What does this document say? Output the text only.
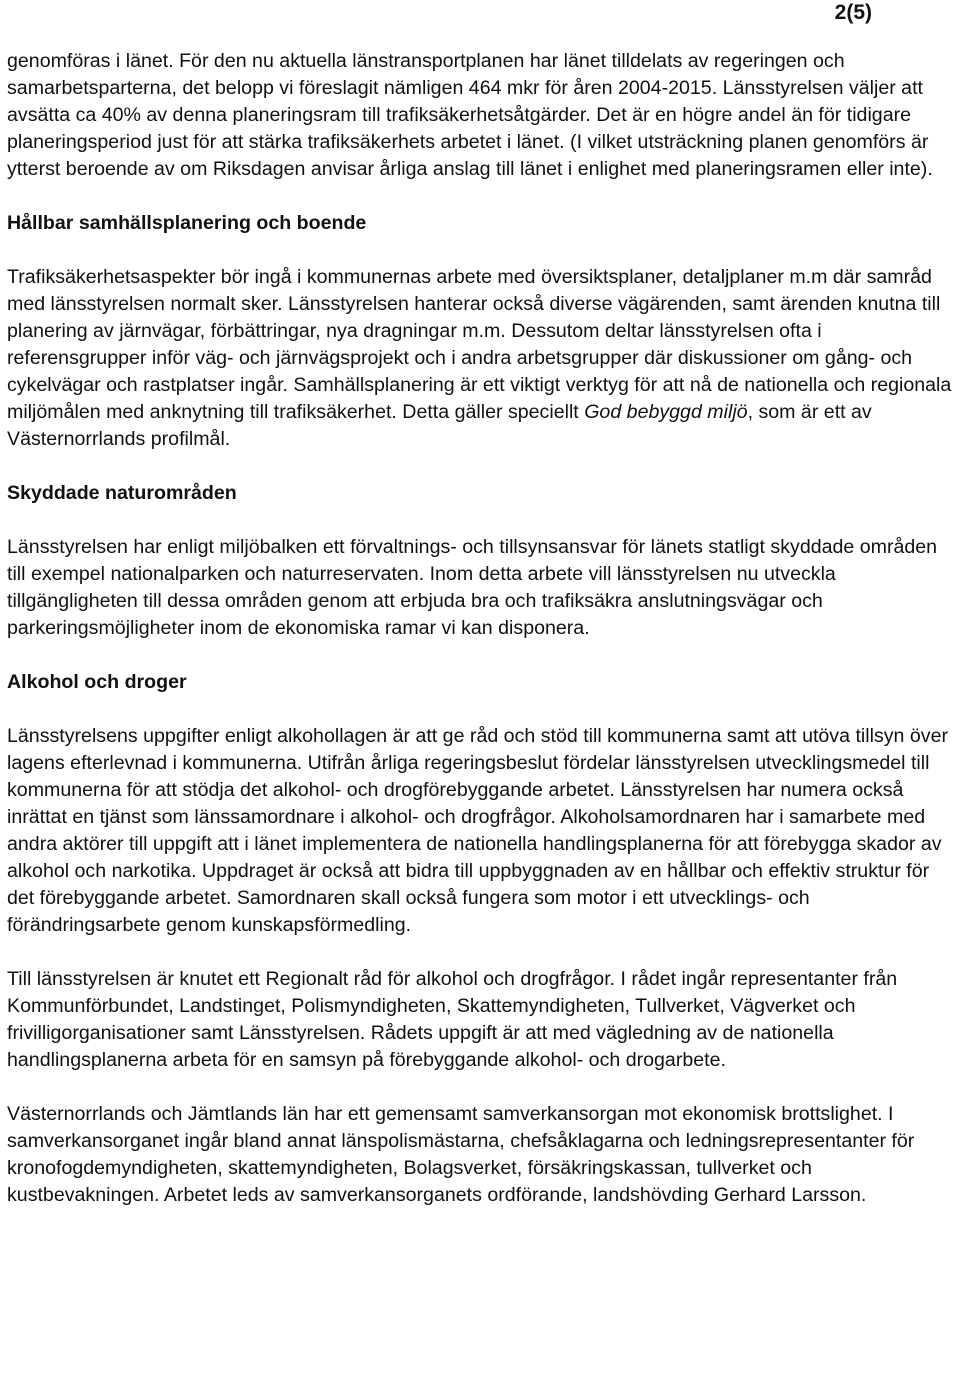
2(5)

genomföras i länet. För den nu aktuella länstransportplanen har länet tilldelats av regeringen och samarbetsparterna, det belopp vi föreslagit nämligen 464 mkr för åren 2004-2015. Länsstyrelsen väljer att avsätta ca 40% av denna planeringsram till trafiksäkerhetsåtgärder. Det är en högre andel än för tidigare planeringsperiod just för att stärka trafiksäkerhets arbetet i länet. (I vilket utsträckning planen genomförs är ytterst beroende av om Riksdagen anvisar årliga anslag till länet i enlighet med planeringsramen eller inte).

Hållbar samhällsplanering och boende

Trafiksäkerhetsaspekter bör ingå i kommunernas arbete med översiktsplaner, detaljplaner m.m där samråd med länsstyrelsen normalt sker. Länsstyrelsen hanterar också diverse vägärenden, samt ärenden knutna till planering av järnvägar, förbättringar, nya dragningar m.m. Dessutom deltar länsstyrelsen ofta i referensgrupper inför väg- och järnvägsprojekt och i andra arbetsgrupper där diskussioner om gång- och cykelvägar och rastplatser ingår. Samhällsplanering är ett viktigt verktyg för att nå de nationella och regionala miljömålen med anknytning till trafiksäkerhet. Detta gäller speciellt God bebyggd miljö, som är ett av Västernorrlands profilmål.

Skyddade naturområden

Länsstyrelsen har enligt miljöbalken ett förvaltnings- och tillsynsansvar för länets statligt skyddade områden till exempel nationalparken och naturreservaten. Inom detta arbete vill länsstyrelsen nu utveckla tillgängligheten till dessa områden genom att erbjuda bra och trafiksäkra anslutningsvägar och parkeringsmöjligheter inom de ekonomiska ramar vi kan disponera.

Alkohol och droger

Länsstyrelsens uppgifter enligt alkohollagen är att ge råd och stöd till kommunerna samt att utöva tillsyn över lagens efterlevnad i kommunerna. Utifrån årliga regeringsbeslut fördelar länsstyrelsen utvecklingsmedel till kommunerna för att stödja det alkohol- och drogförebyggande arbetet. Länsstyrelsen har numera också inrättat en tjänst som länssamordnare i alkohol- och drogfrågor. Alkoholsamordnaren har i samarbete med andra aktörer till uppgift att i länet implementera de nationella handlingsplanerna för att förebygga skador av alkohol och narkotika. Uppdraget är också att bidra till uppbyggnaden av en hållbar och effektiv struktur för det förebyggande arbetet. Samordnaren skall också fungera som motor i ett utvecklings- och förändringsarbete genom kunskapsförmedling.

Till länsstyrelsen är knutet ett Regionalt råd för alkohol och drogfrågor. I rådet ingår representanter från Kommunförbundet, Landstinget, Polismyndigheten, Skattemyndigheten, Tullverket, Vägverket och frivilligorganisationer samt Länsstyrelsen. Rådets uppgift är att med vägledning av de nationella handlingsplanerna arbeta för en samsyn på förebyggande alkohol- och drogarbete.

Västernorrlands och Jämtlands län har ett gemensamt samverkansorgan mot ekonomisk brottslighet. I samverkansorganet ingår bland annat länspolismästarna, chefsåklagarna och ledningsrepresentanter för kronofogdemyndigheten, skattemyndigheten, Bolagsverket, försäkringskassan, tullverket och kustbevakningen. Arbetet leds av samverkansorganets ordförande, landshövding Gerhard Larsson.
